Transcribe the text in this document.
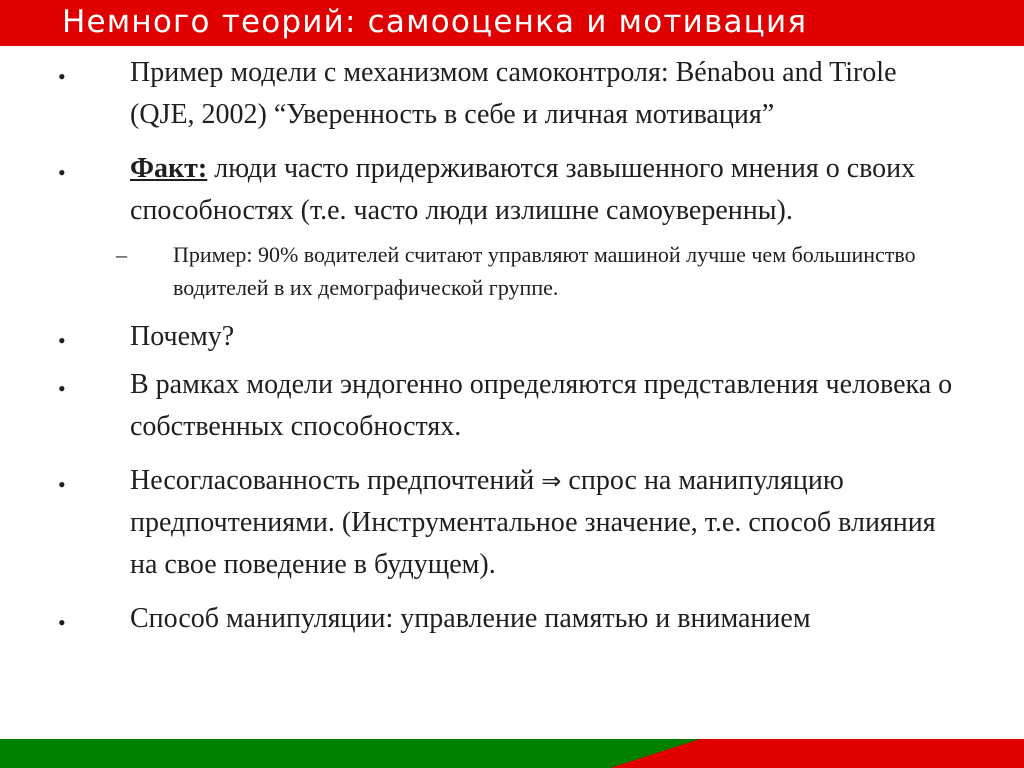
Немного теорий: самооценка и мотивация
• Пример модели с механизмом самоконтроля: Bénabou and Tirole (QJE, 2002) “Уверенность в себе и личная мотивация”
• Факт: люди часто придерживаются завышенного мнения о своих способностях (т.е. часто люди излишне самоуверенны).
– Пример: 90% водителей считают управляют машиной лучше чем большинство водителей в их демографической группе.
• Почему?
• В рамках модели эндогенно определяются представления человека о собственных способностях.
• Несогласованность предпочтений ⇒ спрос на манипуляцию предпочтениями. (Инструментальное значение, т.е. способ влияния на свое поведение в будущем).
• Способ манипуляции: управление памятью и вниманием
